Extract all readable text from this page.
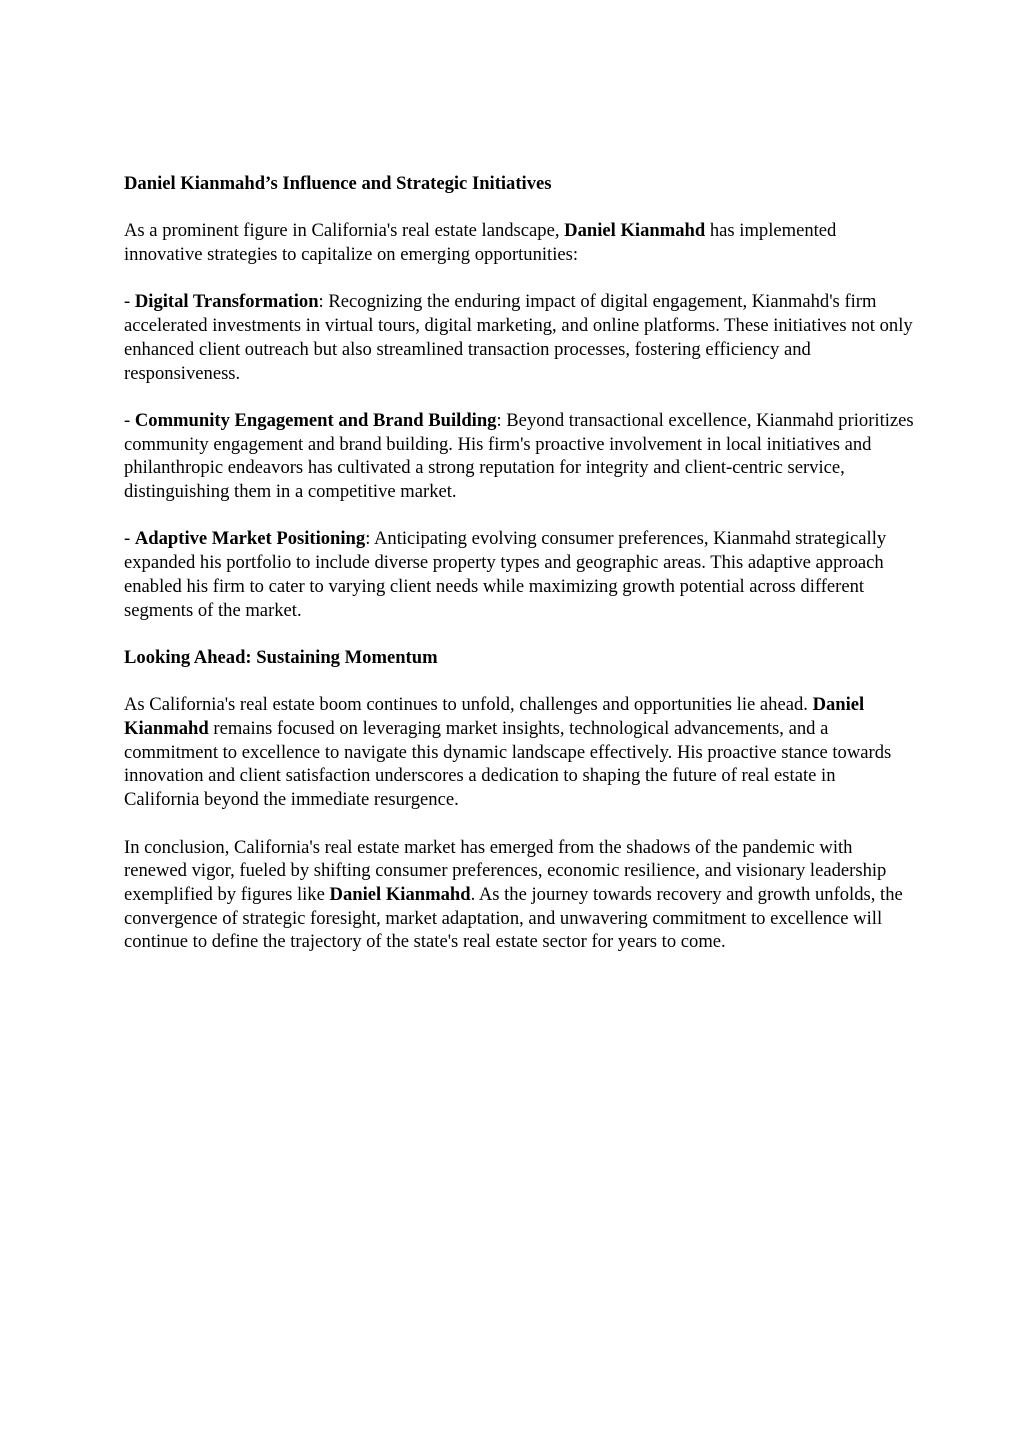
Daniel Kianmahd’s Influence and Strategic Initiatives

As a prominent figure in California's real estate landscape, Daniel Kianmahd has implemented innovative strategies to capitalize on emerging opportunities:

- Digital Transformation: Recognizing the enduring impact of digital engagement, Kianmahd's firm accelerated investments in virtual tours, digital marketing, and online platforms. These initiatives not only enhanced client outreach but also streamlined transaction processes, fostering efficiency and responsiveness.

- Community Engagement and Brand Building: Beyond transactional excellence, Kianmahd prioritizes community engagement and brand building. His firm's proactive involvement in local initiatives and philanthropic endeavors has cultivated a strong reputation for integrity and client-centric service, distinguishing them in a competitive market.

- Adaptive Market Positioning: Anticipating evolving consumer preferences, Kianmahd strategically expanded his portfolio to include diverse property types and geographic areas. This adaptive approach enabled his firm to cater to varying client needs while maximizing growth potential across different segments of the market.

Looking Ahead: Sustaining Momentum

As California's real estate boom continues to unfold, challenges and opportunities lie ahead. Daniel Kianmahd remains focused on leveraging market insights, technological advancements, and a commitment to excellence to navigate this dynamic landscape effectively. His proactive stance towards innovation and client satisfaction underscores a dedication to shaping the future of real estate in California beyond the immediate resurgence.

In conclusion, California's real estate market has emerged from the shadows of the pandemic with renewed vigor, fueled by shifting consumer preferences, economic resilience, and visionary leadership exemplified by figures like Daniel Kianmahd. As the journey towards recovery and growth unfolds, the convergence of strategic foresight, market adaptation, and unwavering commitment to excellence will continue to define the trajectory of the state's real estate sector for years to come.
